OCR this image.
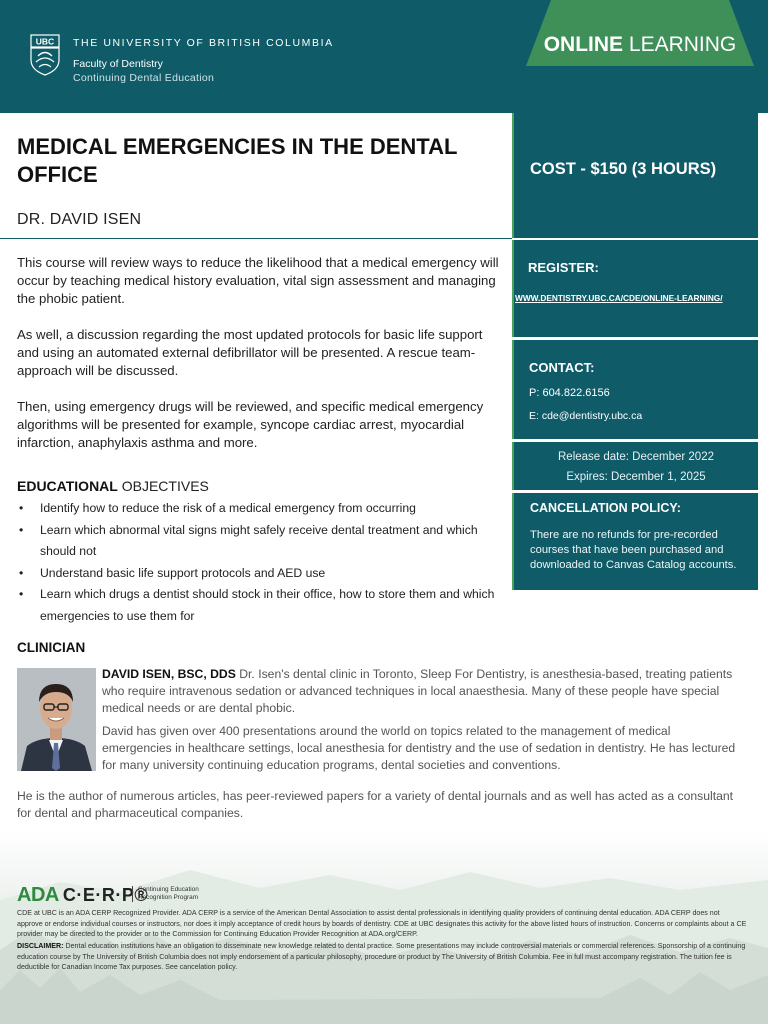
UBC THE UNIVERSITY OF BRITISH COLUMBIA
Faculty of Dentistry
Continuing Dental Education
ONLINE LEARNING
MEDICAL EMERGENCIES IN THE DENTAL OFFICE
DR. DAVID ISEN

This course will review ways to reduce the likelihood that a medical emergency will occur by teaching medical history evaluation, vital sign assessment and managing the phobic patient.

As well, a discussion regarding the most updated protocols for basic life support and using an automated external defibrillator will be presented. A rescue team-approach will be discussed.

Then, using emergency drugs will be reviewed, and specific medical emergency algorithms will be presented for example, syncope cardiac arrest, myocardial infarction, anaphylaxis asthma and more.

EDUCATIONAL OBJECTIVES
• Identify how to reduce the risk of a medical emergency from occurring
• Learn which abnormal vital signs might safely receive dental treatment and which should not
• Understand basic life support protocols and AED use
• Learn which drugs a dentist should stock in their office, how to store them and which emergencies to use them for
COST - $150 (3 HOURS)
REGISTER:
WWW.DENTISTRY.UBC.CA/CDE/ONLINE-LEARNING/
CONTACT:
P: 604.822.6156
E: cde@dentistry.ubc.ca
Release date: December 2022
Expires: December 1, 2025
CANCELLATION POLICY:
There are no refunds for pre-recorded courses that have been purchased and downloaded to Canvas Catalog accounts.
CLINICIAN

DAVID ISEN, BSC, DDS Dr. Isen's dental clinic in Toronto, Sleep For Dentistry, is anesthesia-based, treating patients who require intravenous sedation or advanced techniques in local anaesthesia. Many of these people have special medical needs or are dental phobic.

David has given over 400 presentations around the world on topics related to the management of medical emergencies in healthcare settings, local anesthesia for dentistry and the use of sedation in dentistry. He has lectured for many university continuing education programs, dental societies and conventions.

He is the author of numerous articles, has peer-reviewed papers for a variety of dental journals and as well has acted as a consultant for dental and pharmaceutical companies.
ADA C·E·R·P®
Continuing Education
Recognition Program
CDE at UBC is an ADA CERP Recognized Provider. ADA CERP is a service of the American Dental Association to assist dental professionals in identifying quality providers of continuing dental education. ADA CERP does not approve or endorse individual courses or instructors, nor does it imply acceptance of credit hours by boards of dentistry. CDE at UBC designates this activity for the above listed hours of instruction. Concerns or complaints about a CE provider may be directed to the provider or to the Commission for Continuing Education Provider Recognition at ADA.org/CERP.
DISCLAIMER: Dental education institutions have an obligation to disseminate new knowledge related to dental practice. Some presentations may include controversial materials or commercial references. Sponsorship of a continuing education course by The University of British Columbia does not imply endorsement of a particular philosophy, procedure or product by The University of British Columbia. Fee in full must accompany registration. The tuition fee is deductible for Canadian Income Tax purposes. See cancelation policy.
